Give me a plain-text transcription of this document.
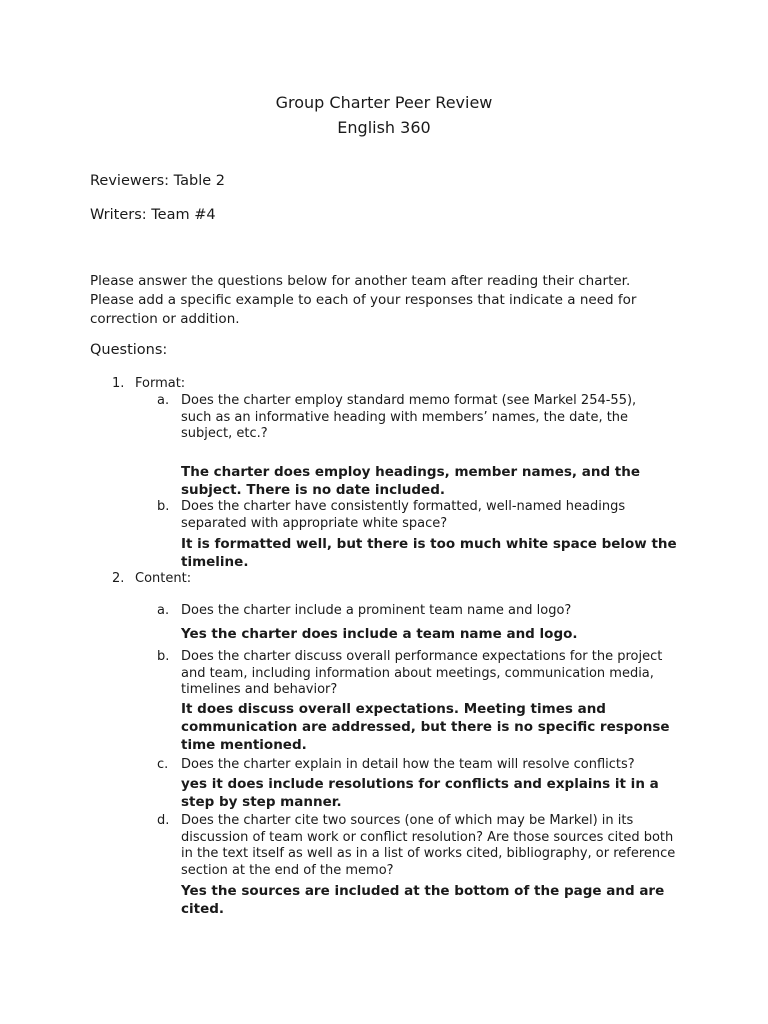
Group Charter Peer Review
English 360
Reviewers: Table 2
Writers: Team #4
Please answer the questions below for another team after reading their charter.
Please add a specific example to each of your responses that indicate a need for
correction or addition.
Questions:
1. Format:
a. Does the charter employ standard memo format (see Markel 254-55), such as an informative heading with members’ names, the date, the subject, etc.?
The charter does employ headings, member names, and the subject. There is no date included.
b. Does the charter have consistently formatted, well-named headings separated with appropriate white space?
It is formatted well, but there is too much white space below the timeline.
2. Content:
a. Does the charter include a prominent team name and logo?
Yes the charter does include a team name and logo.
b. Does the charter discuss overall performance expectations for the project and team, including information about meetings, communication media, timelines and behavior?
It does discuss overall expectations. Meeting times and communication are addressed, but there is no specific response time mentioned.
c. Does the charter explain in detail how the team will resolve conflicts?
yes it does include resolutions for conflicts and explains it in a step by step manner.
d. Does the charter cite two sources (one of which may be Markel) in its discussion of team work or conflict resolution? Are those sources cited both in the text itself as well as in a list of works cited, bibliography, or reference section at the end of the memo?
Yes the sources are included at the bottom of the page and are cited.
